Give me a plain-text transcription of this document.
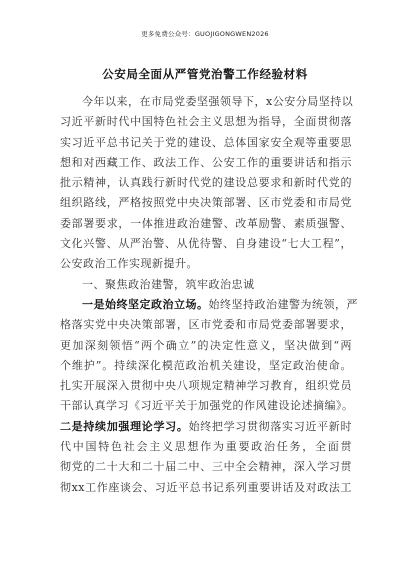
更多免费公众号：GUOJIGONGWEN2026
公安局全面从严管党治警工作经验材料
今年以来，在市局党委坚强领导下，x公安分局坚持以
习近平新时代中国特色社会主义思想为指导，全面贯彻落
实习近平总书记关于党的建设、总体国家安全观等重要思
想和对西藏工作、政法工作、公安工作的重要讲话和指示
批示精神，认真践行新时代党的建设总要求和新时代党的
组织路线，严格按照党中央决策部署、区市党委和市局党
委部署要求，一体推进政治建警、改革励警、素质强警、
文化兴警、从严治警、从优待警、自身建设“七大工程”，
公安政治工作实现新提升。
一、聚焦政治建警，筑牢政治忠诚
一是始终坚定政治立场。始终坚持政治建警为统领，严
格落实党中央决策部署，区市党委和市局党委部署要求，
更加深刻领悟“两个确立”的决定性意义，坚决做到“两
个维护”。持续深化模范政治机关建设，坚定政治使命。
扎实开展深入贯彻中央八项规定精神学习教育，组织党员
干部认真学习《习近平关于加强党的作风建设论述摘编》。
二是持续加强理论学习。始终把学习贯彻落实习近平新时
代中国特色社会主义思想作为重要政治任务，全面贯
彻党的二十大和二十届二中、三中全会精神，深入学习贯
彻xx工作座谈会、习近平总书记系列重要讲话及对政法工
